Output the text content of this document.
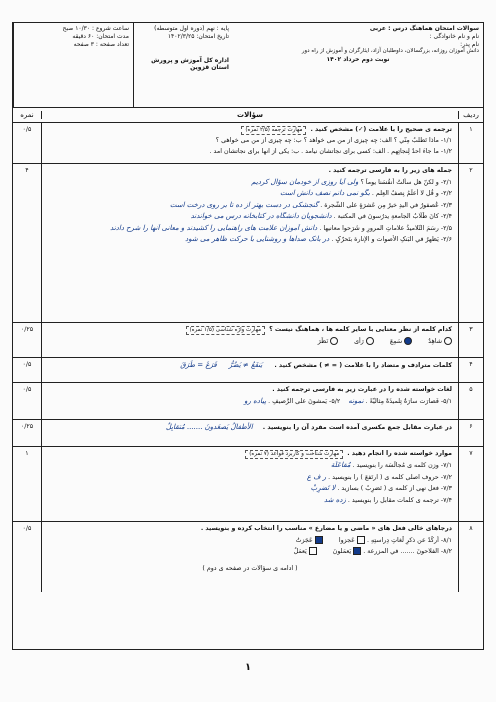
سوالات امتحان هماهنگ درس : عربی
نام و نام خانوادگی :
نام پدر:
دانش آموزان روزانه، بزرگسالان، داوطلبان آزاد، ایثارگران و آموزش از راه دور
نوبت دوم خرداد ۱۴۰۲
پایه : نهم (دوره اول متوسطه)
تاریخ امتحان: ۱۴۰۲/۳/۲۵
اداره کل آموزش و پرورش استان قزوین
ساعت شروع : ۱۰/۳۰ صبح
مدت امتحان: ۶۰ دقیقه
تعداد صفحه : ۳ صفحه
ردیف
سؤالات
نمره
۱
ترجمه ی صحیح را با علامت (✓) مشخص کنید .مهارت ترجمه (۲/۵ نمره)
۱/۱- ماذا تَطْلُبُ مِنّي ؟ الف: چه چیزی از من می خواهد ؟ ب: چه چیزی از من می خواهی ؟
۱/۲- ما جاءَ أحدٌ لِنجاتِهم . الف: کسی برای نجاتشان نیامد . ب: یکی از آنها برای نجاتشان آمد .
۰/۵
۲
جمله های زیر را به فارسی ترجمه کنید .
۲/۱- و لکنّ هل سألتُ أنفُسَنا یوماً ؟ ولی آیا روزی از خودمان سؤال کردیم
۲/۲- و قُل لا أعلَمُ نِصفُ العِلم . بگو نمی دانم نصف دانش است
۲/۳- عُصفورٌ في الیدِ خیرٌ مِن عَشرَةٍ علی الشَّجرة . گنجشکی در دست بهتر از ده تا بر روی درخت است
۲/۴- کانَ طُلّابُ الجامعةِ یدرُسونَ في المکتبة . دانشجویان دانشگاه در کتابخانه درس می خواندند
۲/۵- رسَمَ التّلامیذُ علاماتِ المرورِ و شَرَحوا معانیها . دانش آموزان علامت های راهنمایی را کشیدند و معانی آنها را شرح دادند
۲/۶- یَظهرُ في البَنکِ الأصوات و الإنارة بتَحرّکٍ . در بانک صداها و روشنایی با حرکت ظاهر می شود
۴
۳
کدام کلمه از نظر معنایی با سایر کلمه ها ، هماهنگ نیست ؟مهارت واژه شناسی (۱/۵ نمره)
شاهِدٌ سَمِعَ رَأی نَظَرَ
۰/۲۵
۴
کلمات مترادف و متضاد را با علامت ( = ≠ ) مشخص کنید . یَنفَعُ ≠ یَضُرُّ فَرَغَ = طَرَقَ
۰/۵
۵
لغات خواسته شده را در عبارت زیر به فارسی ترجمه کنید .
۵/۱- فَصارَت سارَةُ تِلمیذَةً مِثالیّةً . نمونه    ۵/۲- یَمشونَ علی الرَّصیفِ . پیاده رو
۰/۵
۶
در عبارت مقابل جمع مکسری آمده است مفرد آن را بنویسید . الأطفالُ یَصعَدونَ ....... مُتقابِلٌ
۰/۲۵
۷
موارد خواسته شده را انجام دهید .مهارت شناخت و کاربرد قواعد (۷ نمره)
۷/۱- وزن کلمه ی مُجالَسَة را بنویسید . مُفاعَلَة
۷/۲- حروف اصلی کلمه ی ( ارتَفعَ ) را بنویسید . ر ف ع
۷/۳- فعل نهی از کلمه ی ( تَضرِبُ ) بسازید . لا تَضرِبْ
۷/۴- ترجمه ی کلمات مقابل را بنویسید . زده شد
۱
۸
درجاهای خالی فعل های « ماضی و یا مضارع » مناسب را انتخاب کرده و بنویسید .
۸/۱- أُرکُدُ عن ذکرِ لُغاتِ دِراستِهِ . عَجزوا عَجَزتُ
۸/۲- الفلاحونَ ....... في المزرعة . یَعمَلونَ یَعمَلُ
( ادامه ی سؤالات در صفحه ی دوم )
۰/۵
۱
